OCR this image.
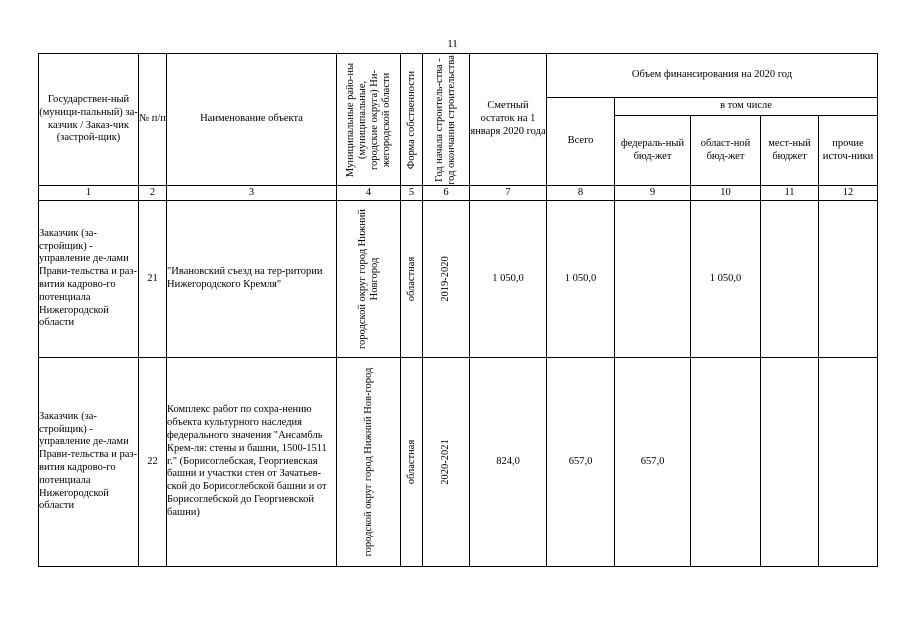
11
Государствен-ный (муници-пальный) за-казчик / Заказ-чик (застрой-щик)	№ п/п	Наименование объекта	Муниципальные райо-ны (муниципальные, городские округа) Ни-жегородской области	Форма собственности	Год начала строитель-ства - год окончания строительства	Сметный остаток на 1 января 2020 года	Объем финансирования на 2020 год				
							Всего	в том числе			
								федераль-ный бюд-жет	област-ной бюд-жет	мест-ный бюджет	прочие источ-ники
1	2	3	4	5	6	7	8	9	10	11	12
Заказчик (за-стройщик) - управление де-лами Прави-тельства и раз-вития кадрово-го потенциала Нижегородской области	21	"Ивановский съезд на тер-ритории Нижегородского Кремля"	городской округ город Нижний Новгород	областная	2019-2020	1 050,0	1 050,0		1 050,0		
Заказчик (за-стройщик) - управление де-лами Прави-тельства и раз-вития кадрово-го потенциала Нижегородской области	22	Комплекс работ по сохра-нению объекта культурного наследия федерального значения "Ансамбль Крем-ля: стены и башни, 1500-1511 г." (Борисоглебская, Георгиевская башни и участки стен от Зачатьев-ской до Борисоглебской башни и от Борисоглебской до Георгиевской башни)	городской округ город Нижний Нов-город	областная	2020-2021	824,0	657,0	657,0			
